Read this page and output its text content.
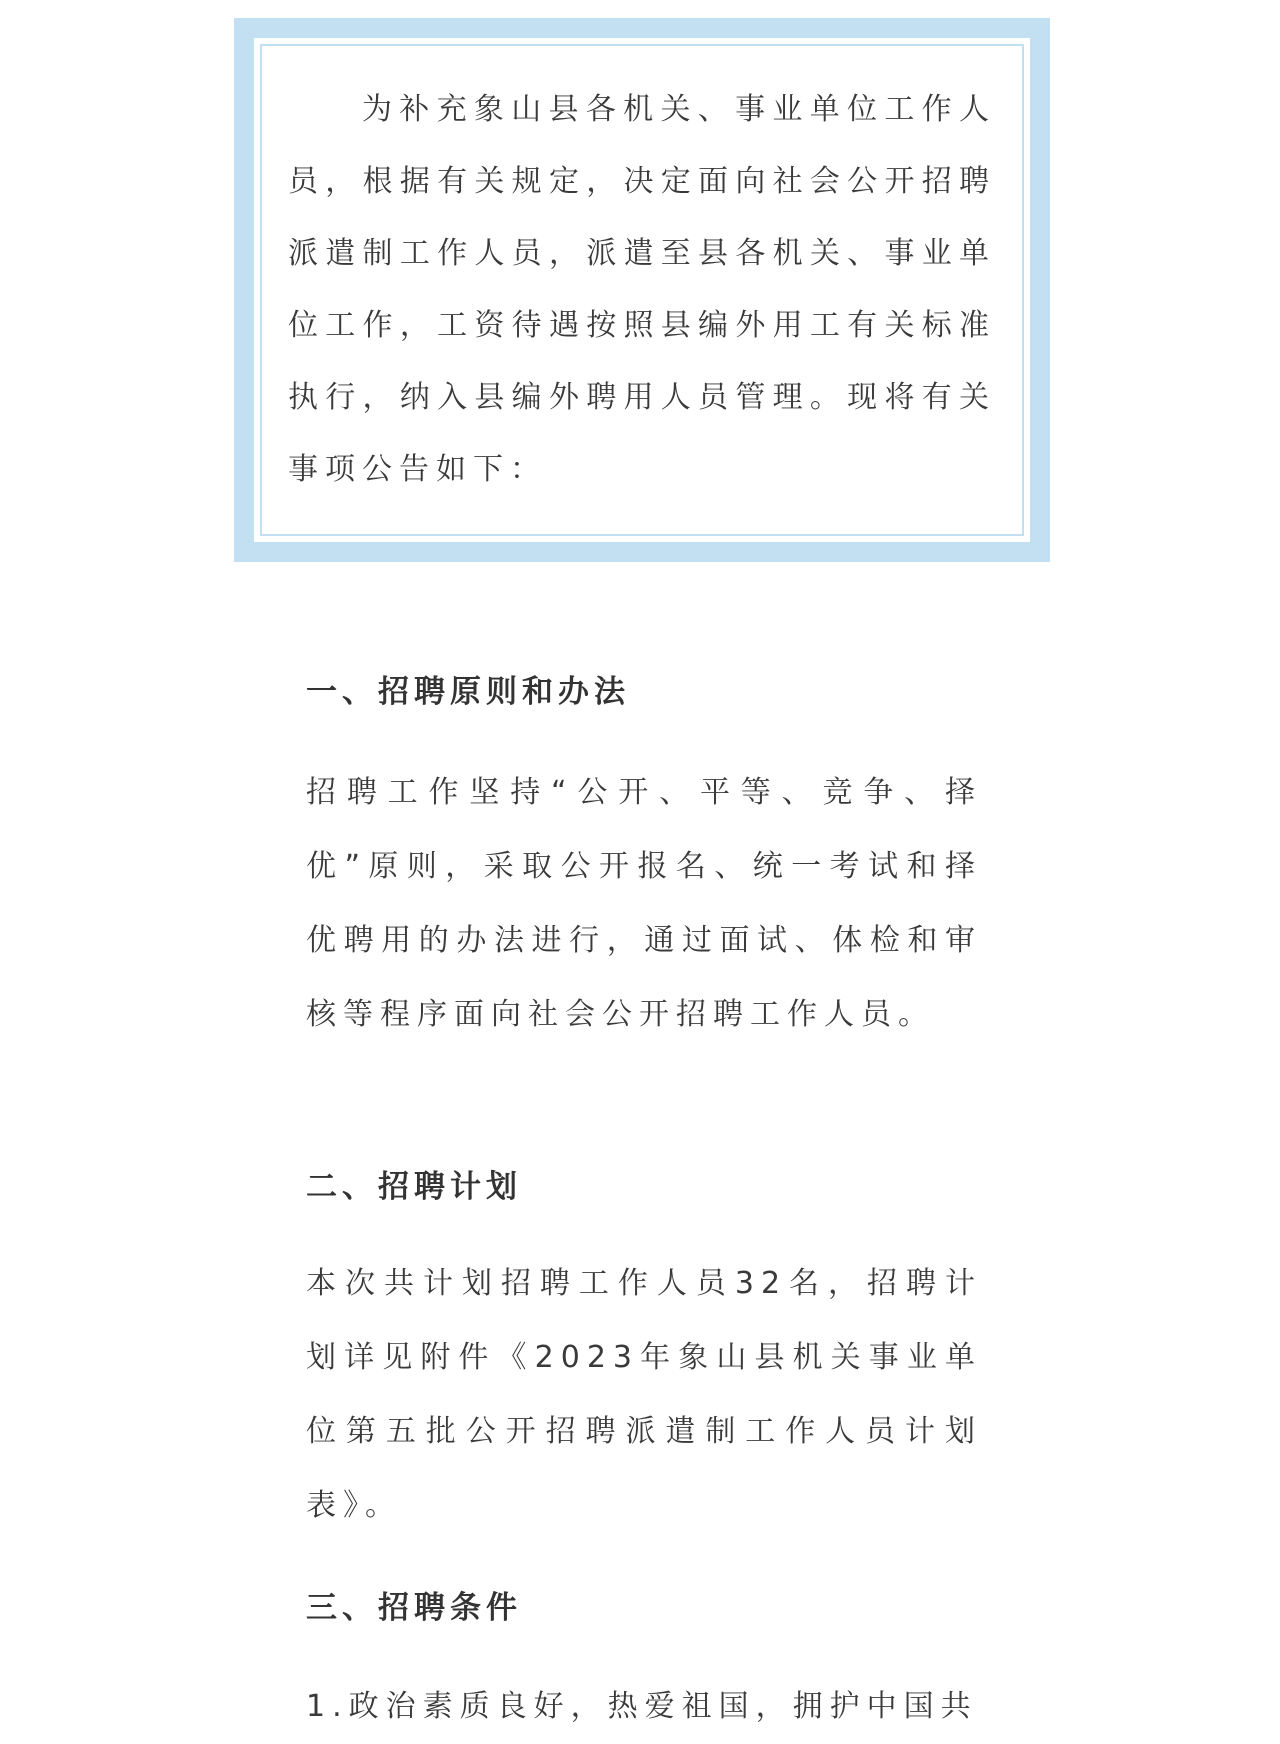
为补充象山县各机关、事业单位工作人员，根据有关规定，决定面向社会公开招聘派遣制工作人员，派遣至县各机关、事业单位工作，工资待遇按照县编外用工有关标准执行，纳入县编外聘用人员管理。现将有关事项公告如下：

一、招聘原则和办法

招聘工作坚持“公开、平等、竞争、择优”原则，采取公开报名、统一考试和择优聘用的办法进行，通过面试、体检和审核等程序面向社会公开招聘工作人员。

二、招聘计划

本次共计划招聘工作人员32名，招聘计划详见附件《2023年象山县机关事业单位第五批公开招聘派遣制工作人员计划表》。

三、招聘条件

1.政治素质良好，热爱祖国，拥护中国共
